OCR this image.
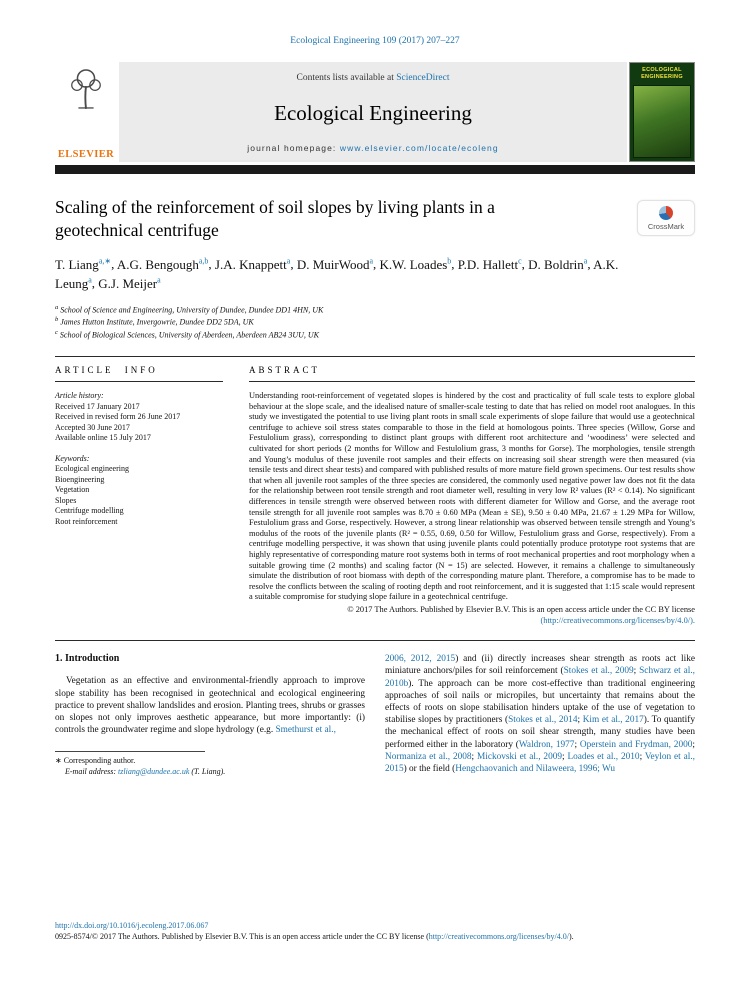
Ecological Engineering 109 (2017) 207–227
ELSEVIER
Contents lists available at ScienceDirect
Ecological Engineering
journal homepage: www.elsevier.com/locate/ecoleng
ECOLOGICAL ENGINEERING
Scaling of the reinforcement of soil slopes by living plants in a geotechnical centrifuge	CrossMark
T. Liang$^{a,∗}$, A.G. Bengough$^{a,b}$, J.A. Knappett$^a$, D. MuirWood$^a$, K.W. Loades$^b$, P.D. Hallett$^c$, D. Boldrin$^a$, A.K. Leung$^a$, G.J. Meijer$^a$
$^a$ School of Science and Engineering, University of Dundee, Dundee DD1 4HN, UK
$^b$ James Hutton Institute, Invergowrie, Dundee DD2 5DA, UK
$^c$ School of Biological Sciences, University of Aberdeen, Aberdeen AB24 3UU, UK
ARTICLE INFO
Article history:
Received 17 January 2017
Received in revised form 26 June 2017
Accepted 30 June 2017
Available online 15 July 2017
Keywords:
Ecological engineering
Bioengineering
Vegetation
Slopes
Centrifuge modelling
Root reinforcement
ABSTRACT
Understanding root-reinforcement of vegetated slopes is hindered by the cost and practicality of full scale tests to explore global behaviour at the slope scale, and the idealised nature of smaller-scale testing to date that has relied on model root analogues. In this study we investigated the potential to use living plant roots in small scale experiments of slope failure that would use a geotechnical centrifuge to achieve soil stress states comparable to those in the field at homologous points. Three species (Willow, Gorse and Festulolium grass), corresponding to distinct plant groups with different root architecture and ‘woodiness’ were selected and cultivated for short periods (2 months for Willow and Festulolium grass, 3 months for Gorse). The morphologies, tensile strength and Young’s modulus of these juvenile root samples and their effects on increasing soil shear strength were then measured (via tensile tests and direct shear tests) and compared with published results of more mature field grown specimens. Our test results show that when all juvenile root samples of the three species are considered, the commonly used negative power law does not fit the data for the relationship between root tensile strength and root diameter well, resulting in very low R² values (R² < 0.14). No significant differences in tensile strength were observed between roots with different diameter for Willow and Gorse, and the average root tensile strength for all juvenile root samples was 8.70 ± 0.60 MPa (Mean ± SE), 9.50 ± 0.40 MPa, 21.67 ± 1.29 MPa for Willow, Festulolium grass and Gorse, respectively. However, a strong linear relationship was observed between tensile strength and Young’s modulus of the roots of the juvenile plants (R² = 0.55, 0.69, 0.50 for Willow, Festulolium grass and Gorse, respectively). From a centrifuge modelling perspective, it was shown that using juvenile plants could potentially produce prototype root systems that are highly representative of corresponding mature root systems both in terms of root mechanical properties and root morphology when a suitable growing time (2 months) and scaling factor (N = 15) are selected. However, it remains a challenge to simultaneously simulate the distribution of root biomass with depth of the corresponding mature plant. Therefore, a compromise has to be made to resolve the conflicts between the scaling of rooting depth and root reinforcement, and it is suggested that 1:15 scale would represent a suitable compromise for studying slope failure in a geotechnical centrifuge.
© 2017 The Authors. Published by Elsevier B.V. This is an open access article under the CC BY license
(http://creativecommons.org/licenses/by/4.0/).
1. Introduction
Vegetation as an effective and environmental-friendly approach to improve slope stability has been recognised in geotechnical and ecological engineering practice to prevent shallow landslides and erosion. Planting trees, shrubs or grasses on slopes not only improves aesthetic appearance, but more importantly: (i) controls the groundwater regime and slope hydrology (e.g. Smethurst et al.,
∗ Corresponding author.
E-mail address: tzliang@dundee.ac.uk (T. Liang).
2006, 2012, 2015) and (ii) directly increases shear strength as roots act like miniature anchors/piles for soil reinforcement (Stokes et al., 2009; Schwarz et al., 2010b). The approach can be more cost-effective than traditional engineering approaches of soil nails or micropiles, but uncertainty that remains about the effects of roots on slope stabilisation hinders uptake of the use of vegetation to stabilise slopes by practitioners (Stokes et al., 2014; Kim et al., 2017). To quantify the mechanical effect of roots on soil shear strength, many studies have been performed either in the laboratory (Waldron, 1977; Operstein and Frydman, 2000; Normaniza et al., 2008; Mickovski et al., 2009; Loades et al., 2010; Veylon et al., 2015) or the field (Hengchaovanich and Nilaweera, 1996; Wu
http://dx.doi.org/10.1016/j.ecoleng.2017.06.067
0925-8574/© 2017 The Authors. Published by Elsevier B.V. This is an open access article under the CC BY license (http://creativecommons.org/licenses/by/4.0/).
